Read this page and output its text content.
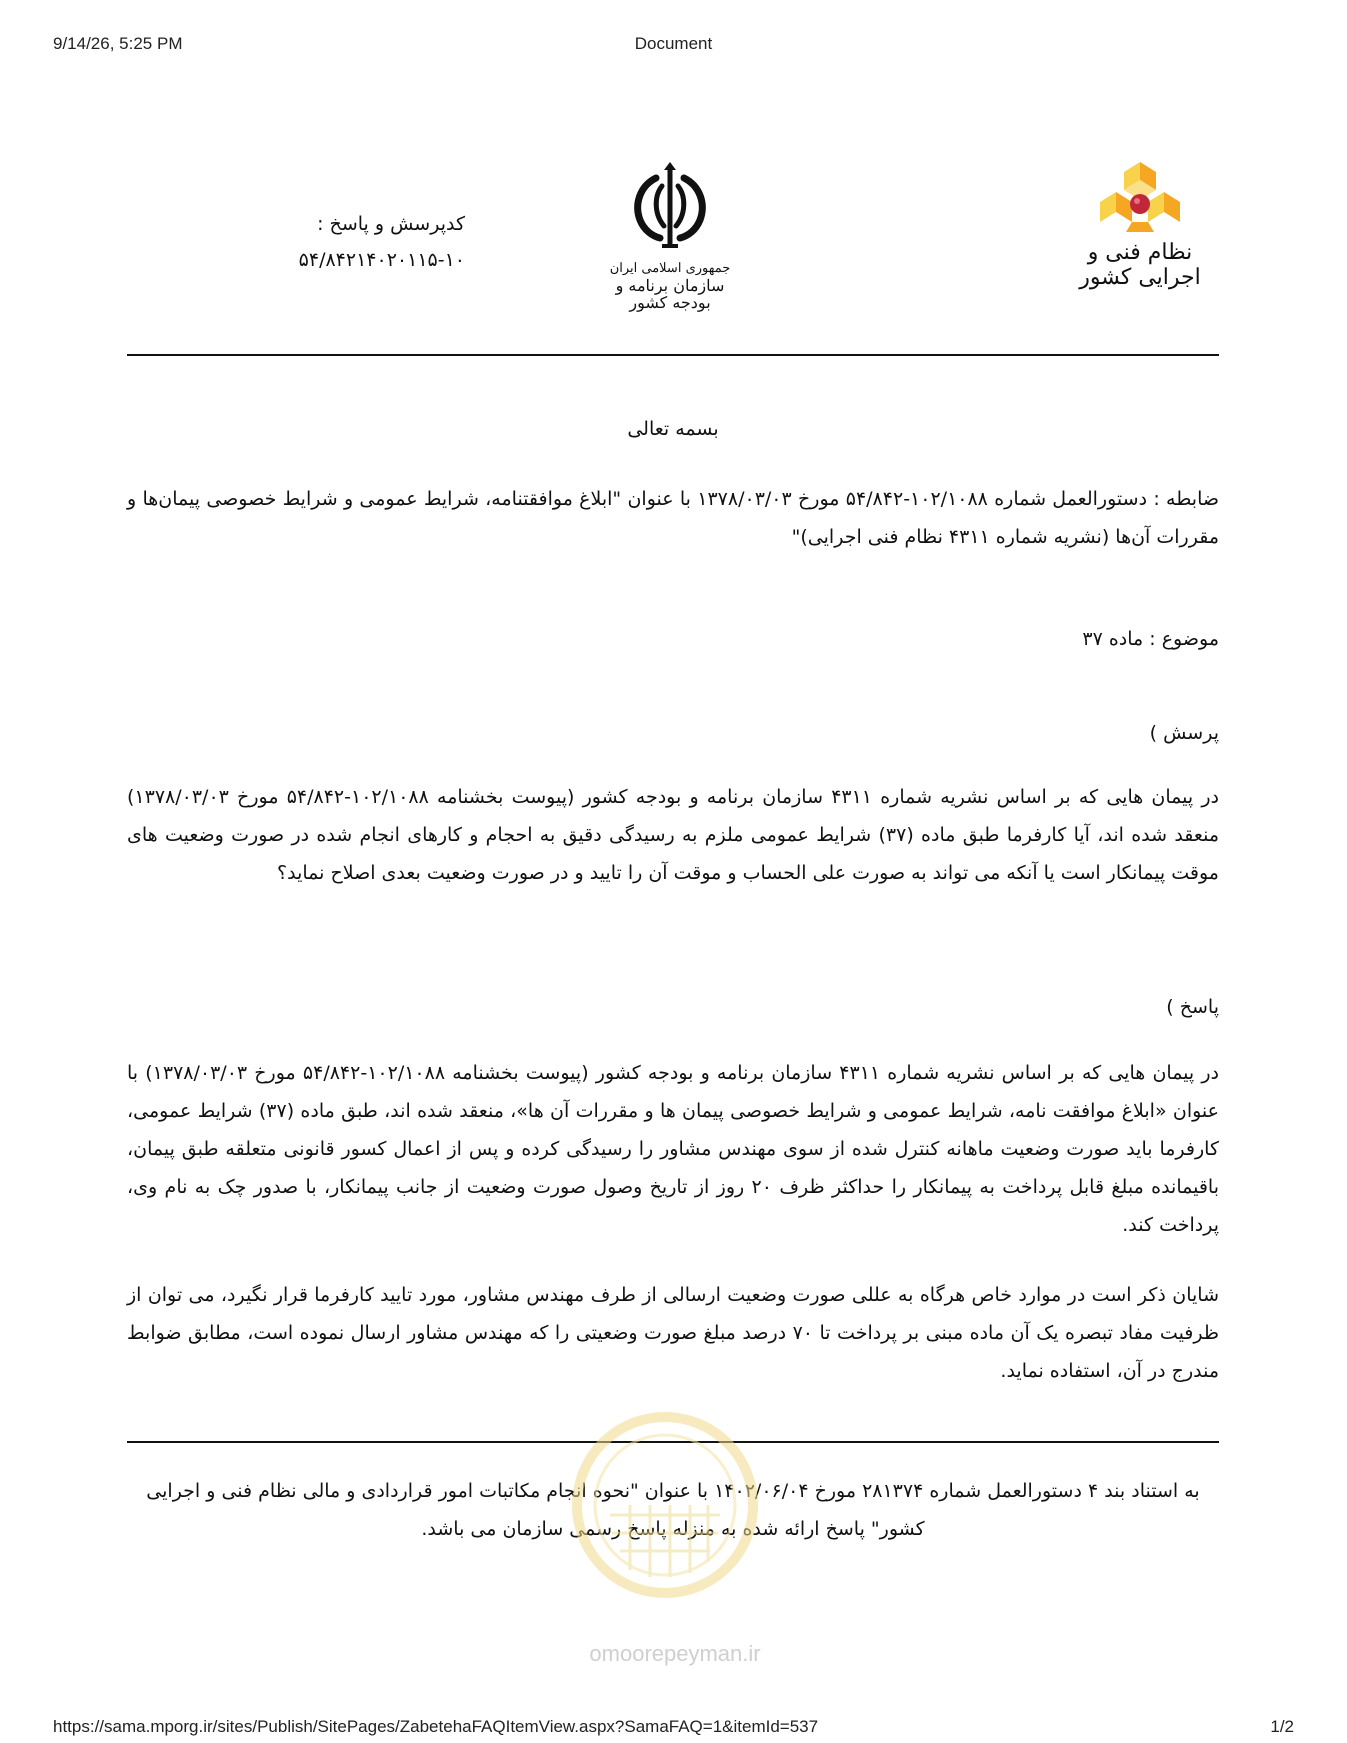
9/14/26, 5:25 PM	Document
کدپرسش و پاسخ :
۵۴/۸۴۲۱۴۰۲۰۱۱۵-۱۰	جمهوری اسلامی ایران
سازمان برنامه و بودجه کشور
نظام فنی و اجرایی کشور

بسمه تعالی

ضابطه : دستورالعمل شماره ۱۰۲/۱۰۸۸-۵۴/۸۴۲ مورخ ۱۳۷۸/۰۳/۰۳ با عنوان "ابلاغ موافقتنامه، شرایط عمومی و شرایط خصوصی پیمان‌ها و مقررات آن‌ها (نشریه شماره ۴۳۱۱ نظام فنی اجرایی)"

موضوع : ماده ۳۷

پرسش )

در پیمان هایی که بر اساس نشریه شماره ۴۳۱۱ سازمان برنامه و بودجه کشور (پیوست بخشنامه ۱۰۲/۱۰۸۸-۵۴/۸۴۲ مورخ ۱۳۷۸/۰۳/۰۳) منعقد شده اند، آیا کارفرما طبق ماده (۳۷) شرایط عمومی ملزم به رسیدگی دقیق به احجام و کارهای انجام شده در صورت وضعیت های موقت پیمانکار است یا آنکه می تواند به صورت علی الحساب و موقت آن را تایید و در صورت وضعیت بعدی اصلاح نماید؟

پاسخ )

در پیمان هایی که بر اساس نشریه شماره ۴۳۱۱ سازمان برنامه و بودجه کشور (پیوست بخشنامه ۱۰۲/۱۰۸۸-۵۴/۸۴۲ مورخ ۱۳۷۸/۰۳/۰۳) با عنوان «ابلاغ موافقت نامه، شرایط عمومی و شرایط خصوصی پیمان ها و مقررات آن ها»، منعقد شده اند، طبق ماده (۳۷) شرایط عمومی، کارفرما باید صورت وضعیت ماهانه کنترل شده از سوی مهندس مشاور را رسیدگی کرده و پس از اعمال کسور قانونی متعلقه طبق پیمان، باقیمانده مبلغ قابل پرداخت به پیمانکار را حداکثر ظرف ۲۰ روز از تاریخ وصول صورت وضعیت از جانب پیمانکار، با صدور چک به نام وی، پرداخت کند.

شایان ذکر است در موارد خاص هرگاه به عللی صورت وضعیت ارسالی از طرف مهندس مشاور، مورد تایید کارفرما قرار نگیرد، می توان از ظرفیت مفاد تبصره یک آن ماده مبنی بر پرداخت تا ۷۰ درصد مبلغ صورت وضعیتی را که مهندس مشاور ارسال نموده است، مطابق ضوابط مندرج در آن، استفاده نماید.

به استناد بند ۴ دستورالعمل شماره ۲۸۱۳۷۴ مورخ ۱۴۰۲/۰۶/۰۴ با عنوان "نحوه انجام مکاتبات امور قراردادی و مالی نظام فنی و اجرایی کشور" پاسخ ارائه شده به منزله پاسخ رسمی سازمان می باشد.

omoorepeyman.ir
https://sama.mporg.ir/sites/Publish/SitePages/ZabetehaFAQItemView.aspx?SamaFAQ=1&itemId=537	1/2
